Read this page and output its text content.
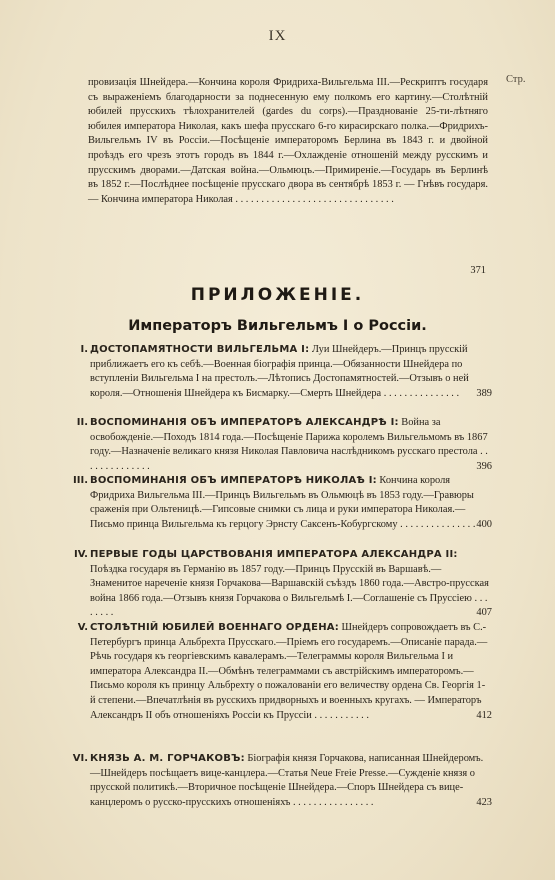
IX
Стр.
провизація Шнейдера.—Кончина короля Фридриха-Вильгельма III.—Рескриптъ государя съ выраженіемъ благодарности за поднесенную ему полкомъ его картину.—Столѣтній юбилей прусскихъ тѣлохранителей (gardes du corps).—Празднованіе 25-ти-лѣтняго юбилея императора Николая, какъ шефа прусскаго 6-го кирасирскаго полка.—Фридрихъ-Вильгельмъ IV въ Россіи.—Посѣщеніе императоромъ Берлина въ 1843 г. и двойной проѣздъ его чрезъ этотъ городъ въ 1844 г.—Охлажденіе отношеній между русскимъ и прусскимъ дворами.—Датская война.—Ольмюцъ.—Примиреніе.—Государь въ Берлинѣ въ 1852 г.—Послѣднее посѣщеніе прусскаго двора въ сентябрѣ 1853 г. — Гнѣвъ государя. — Кончина императора Николая . . . . . . . . . . . . . . . . . . . . . . . . . . . . . . .
371
ПРИЛОЖЕНІЕ.
Императоръ Вильгельмъ I о Россіи.
I. ДОСТОПАМЯТНОСТИ ВИЛЬГЕЛЬМА I: Луи Шнейдеръ.—Принцъ прусскій приближаетъ его къ себѣ.—Военная біографія принца.—Обязанности Шнейдера по вступленіи Вильгельма I на престолъ.—Лѣтопись Достопамятностей.—Отзывъ о ней короля.—Отношенія Шнейдера къ Бисмарку.—Смерть Шнейдера . . . . . . . . . . . . . . .	389
II. ВОСПОМИНАНІЯ ОБЪ ИМПЕРАТОРѢ АЛЕКСАНДРѢ I: Война за освобожденіе.—Походъ 1814 года.—Посѣщеніе Парижа королемъ Вильгельмомъ въ 1867 году.—Назначеніе великаго князя Николая Павловича наслѣдникомъ русскаго престола . . . . . . . . . . . . . .	396
III. ВОСПОМИНАНІЯ ОБЪ ИМПЕРАТОРѢ НИКОЛАѢ I: Кончина короля Фридриха Вильгельма III.—Принцъ Вильгельмъ въ Ольмюцѣ въ 1853 году.—Гравюры сраженія при Ольтеницѣ.—Гипсовые снимки съ лица и руки императора Николая.—Письмо принца Вильгельма къ герцогу Эрнсту Саксенъ-Кобургскому . . . . . . . . . . . . . . . 400
IV. ПЕРВЫЕ ГОДЫ ЦАРСТВОВАНІЯ ИМПЕРАТОРА АЛЕКСАНДРА II: Поѣздка государя въ Германію въ 1857 году.—Принцъ Прусскій въ Варшавѣ.—Знаменитое нареченіе князя Горчакова—Варшавскій съѣздъ 1860 года.—Австро-прусская война 1866 года.—Отзывъ князя Горчакова о Вильгельмѣ I.—Соглашеніе съ Пруссіею . . . . . . . .	407
V. СТОЛѢТНІЙ ЮБИЛЕЙ ВОЕННАГО ОРДЕНА: Шнейдеръ сопровождаетъ въ С.-Петербургъ принца Альбрехта Прусскаго.—Пріемъ его государемъ.—Описаніе парада.—Рѣчь государя къ георгіевскимъ кавалерамъ.—Телеграммы короля Вильгельма I и императора Александра II.—Обмѣнъ телеграммами съ австрійскимъ императоромъ.—Письмо короля къ принцу Альбрехту о пожалованіи его величеству ордена Св. Георгія 1-й степени.—Впечатлѣнія въ русскихъ придворныхъ и военныхъ кругахъ. — Императоръ Александръ II объ отношеніяхъ Россіи къ Пруссіи . . . . . . . . . . .	412
VI. КНЯЗЬ А. М. ГОРЧАКОВЪ: Біографія князя Горчакова, написанная Шнейдеромъ.—Шнейдеръ посѣщаетъ вице-канцлера.—Статья Neue Freie Presse.—Сужденіе князя о прусской политикѣ.—Вторичное посѣщеніе Шнейдера.—Споръ Шнейдера съ вице-канцлеромъ о русско-прусскихъ отношеніяхъ . . . . . . . . . . . . . . . .	423
